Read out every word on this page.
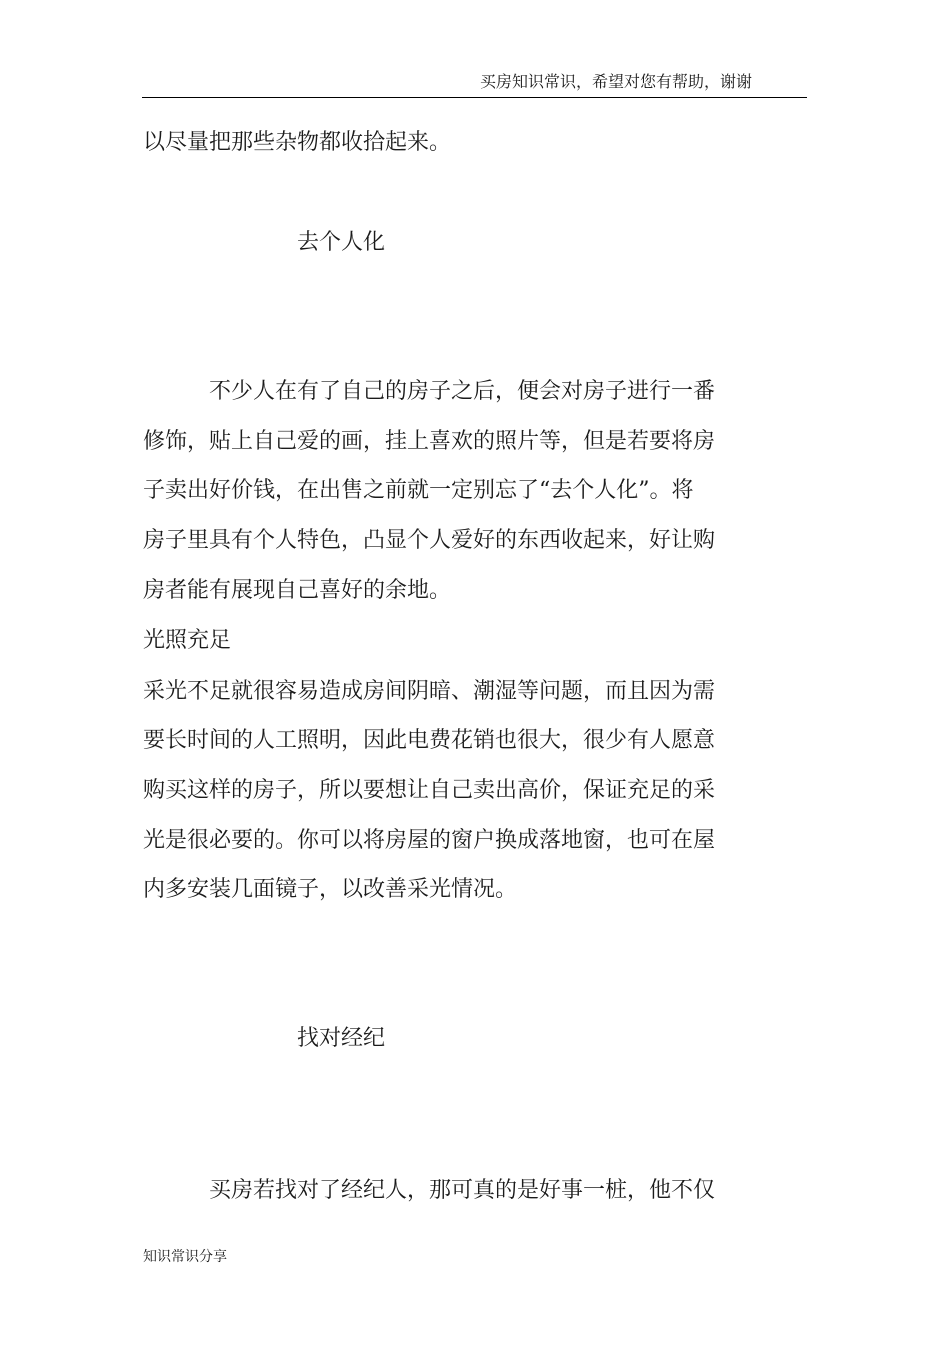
买房知识常识，希望对您有帮助，谢谢
以尽量把那些杂物都收拾起来。
去个人化
不少人在有了自己的房子之后，便会对房子进行一番
修饰，贴上自己爱的画，挂上喜欢的照片等，但是若要将房
子卖出好价钱，在出售之前就一定别忘了“去个人化”。将
房子里具有个人特色，凸显个人爱好的东西收起来，好让购
房者能有展现自己喜好的余地。
光照充足
采光不足就很容易造成房间阴暗、潮湿等问题，而且因为需
要长时间的人工照明，因此电费花销也很大，很少有人愿意
购买这样的房子，所以要想让自己卖出高价，保证充足的采
光是很必要的。你可以将房屋的窗户换成落地窗，也可在屋
内多安装几面镜子，以改善采光情况。
找对经纪
买房若找对了经纪人，那可真的是好事一桩，他不仅
知识常识分享
